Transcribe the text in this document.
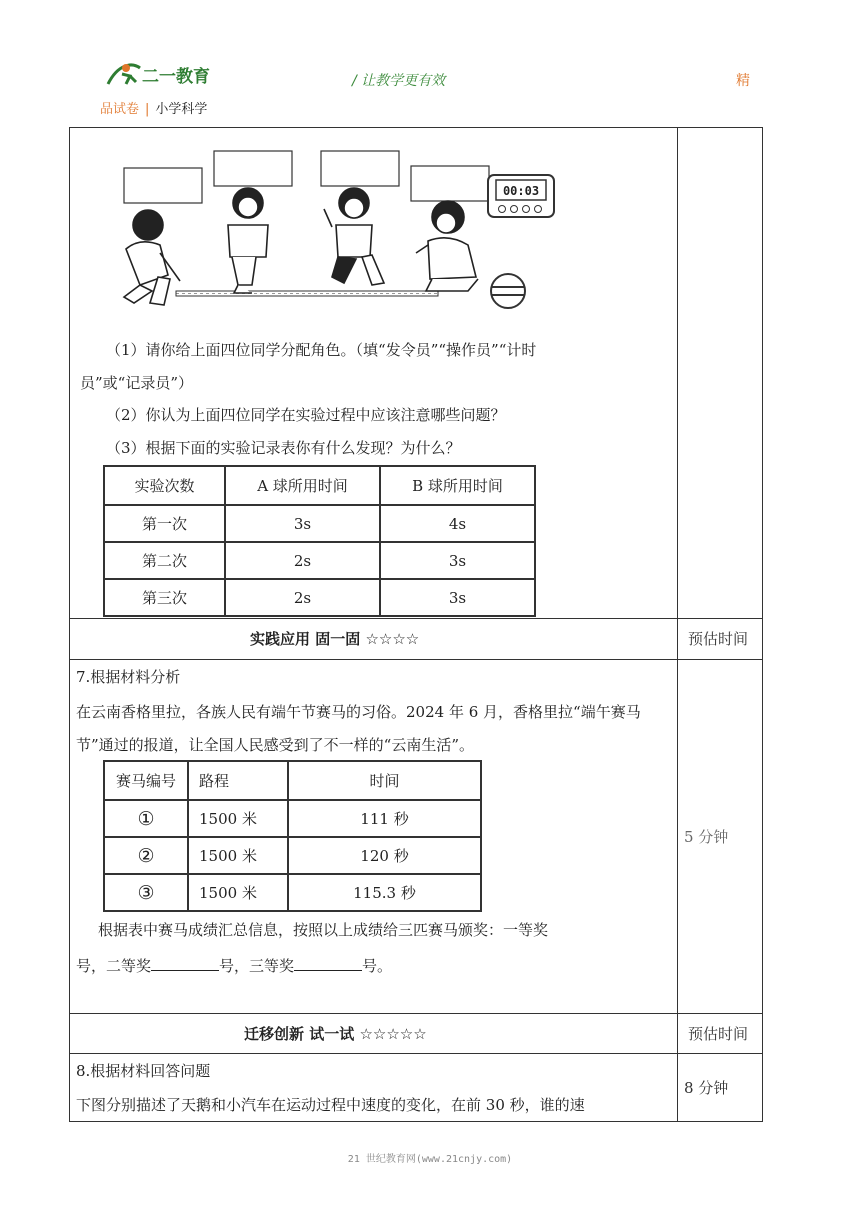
二一教育	/ 让教学更有效	精
品试卷 | 小学科学
00:03
（1）请你给上面四位同学分配角色。（填“发令员”“操作员”“计时
员”或“记录员”）
（2）你认为上面四位同学在实验过程中应该注意哪些问题？
（3）根据下面的实验记录表你有什么发现？为什么？
实验次数	A 球所用时间	B 球所用时间
第一次	3s	4s
第二次	2s	3s
第三次	2s	3s
实践应用 固一固 ☆☆☆☆	预估时间
7.根据材料分析
在云南香格里拉，各族人民有端午节赛马的习俗。2024 年 6 月，香格里拉“端午赛马
节”通过的报道，让全国人民感受到了不一样的“云南生活”。
赛马编号	路程	时间
①	1500 米	111 秒
②	1500 米	120 秒
③	1500 米	115.3 秒
根据表中赛马成绩汇总信息，按照以上成绩给三匹赛马颁奖：一等奖
号，二等奖	号，三等奖	号。
5 分钟
迁移创新 试一试 ☆☆☆☆☆	预估时间
8.根据材料回答问题
下图分别描述了天鹅和小汽车在运动过程中速度的变化，在前 30 秒，谁的速
8 分钟
21 世纪教育网(www.21cnjy.com)
